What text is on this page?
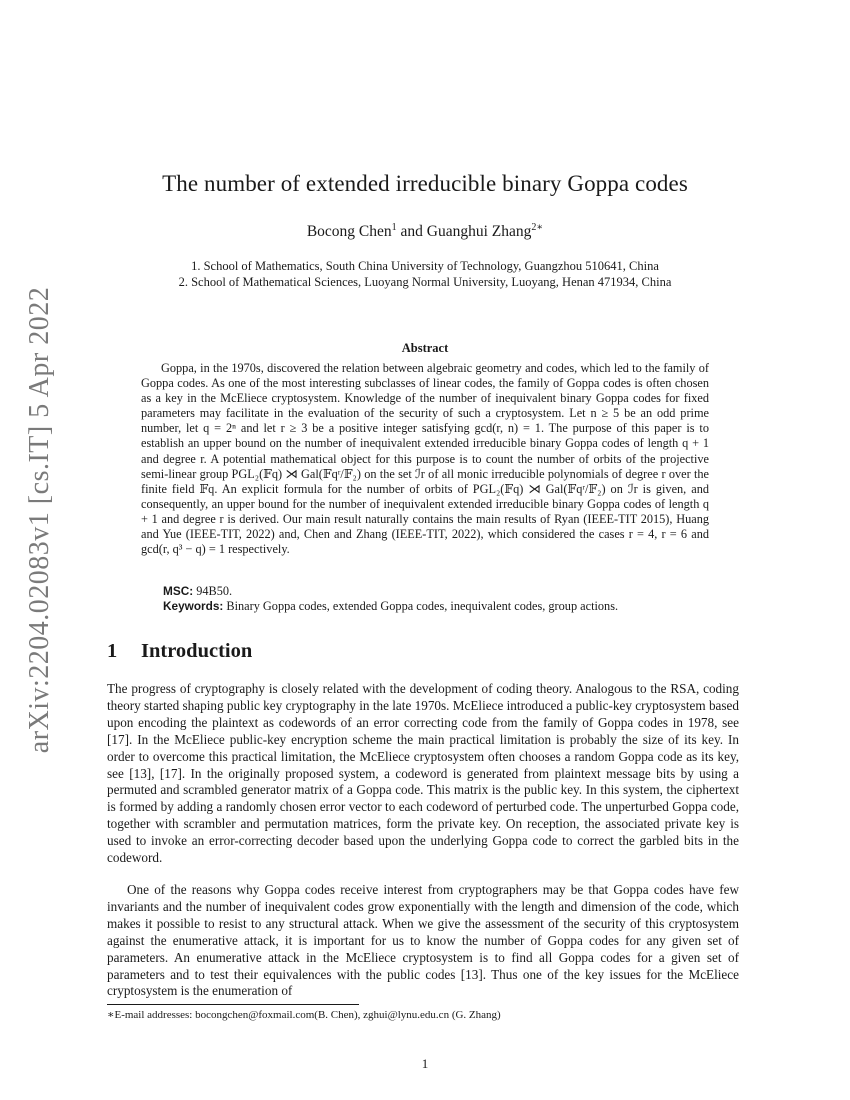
arXiv:2204.02083v1 [cs.IT] 5 Apr 2022
The number of extended irreducible binary Goppa codes
Bocong Chen$^1$ and Guanghui Zhang$^{2∗}$
1. School of Mathematics, South China University of Technology, Guangzhou 510641, China
2. School of Mathematical Sciences, Luoyang Normal University, Luoyang, Henan 471934, China
Abstract

Goppa, in the 1970s, discovered the relation between algebraic geometry and codes, which led to the family of Goppa codes. As one of the most interesting subclasses of linear codes, the family of Goppa codes is often chosen as a key in the McEliece cryptosystem. Knowledge of the number of inequivalent binary Goppa codes for fixed parameters may facilitate in the evaluation of the security of such a cryptosystem. Let n ≥ 5 be an odd prime number, let q = 2ⁿ and let r ≥ 3 be a positive integer satisfying gcd(r, n) = 1. The purpose of this paper is to establish an upper bound on the number of inequivalent extended irreducible binary Goppa codes of length q + 1 and degree r. A potential mathematical object for this purpose is to count the number of orbits of the projective semi-linear group PGL₂(𝔽q) ⋊ Gal(𝔽qʳ/𝔽₂) on the set ℐr of all monic irreducible polynomials of degree r over the finite field 𝔽q. An explicit formula for the number of orbits of PGL₂(𝔽q) ⋊ Gal(𝔽qʳ/𝔽₂) on ℐr is given, and consequently, an upper bound for the number of inequivalent extended irreducible binary Goppa codes of length q + 1 and degree r is derived. Our main result naturally contains the main results of Ryan (IEEE-TIT 2015), Huang and Yue (IEEE-TIT, 2022) and, Chen and Zhang (IEEE-TIT, 2022), which considered the cases r = 4, r = 6 and gcd(r, q³ − q) = 1 respectively.

MSC: 94B50.
Keywords: Binary Goppa codes, extended Goppa codes, inequivalent codes, group actions.
1 Introduction

The progress of cryptography is closely related with the development of coding theory. Analogous to the RSA, coding theory started shaping public key cryptography in the late 1970s. McEliece introduced a public-key cryptosystem based upon encoding the plaintext as codewords of an error correcting code from the family of Goppa codes in 1978, see [17]. In the McEliece public-key encryption scheme the main practical limitation is probably the size of its key. In order to overcome this practical limitation, the McEliece cryptosystem often chooses a random Goppa code as its key, see [13], [17]. In the originally proposed system, a codeword is generated from plaintext message bits by using a permuted and scrambled generator matrix of a Goppa code. This matrix is the public key. In this system, the ciphertext is formed by adding a randomly chosen error vector to each codeword of perturbed code. The unperturbed Goppa code, together with scrambler and permutation matrices, form the private key. On reception, the associated private key is used to invoke an error-correcting decoder based upon the underlying Goppa code to correct the garbled bits in the codeword.

One of the reasons why Goppa codes receive interest from cryptographers may be that Goppa codes have few invariants and the number of inequivalent codes grow exponentially with the length and dimension of the code, which makes it possible to resist to any structural attack. When we give the assessment of the security of this cryptosystem against the enumerative attack, it is important for us to know the number of Goppa codes for any given set of parameters. An enumerative attack in the McEliece cryptosystem is to find all Goppa codes for a given set of parameters and to test their equivalences with the public codes [13]. Thus one of the key issues for the McEliece cryptosystem is the enumeration of

∗E-mail addresses: bocongchen@foxmail.com(B. Chen), zghui@lynu.edu.cn (G. Zhang)
1
